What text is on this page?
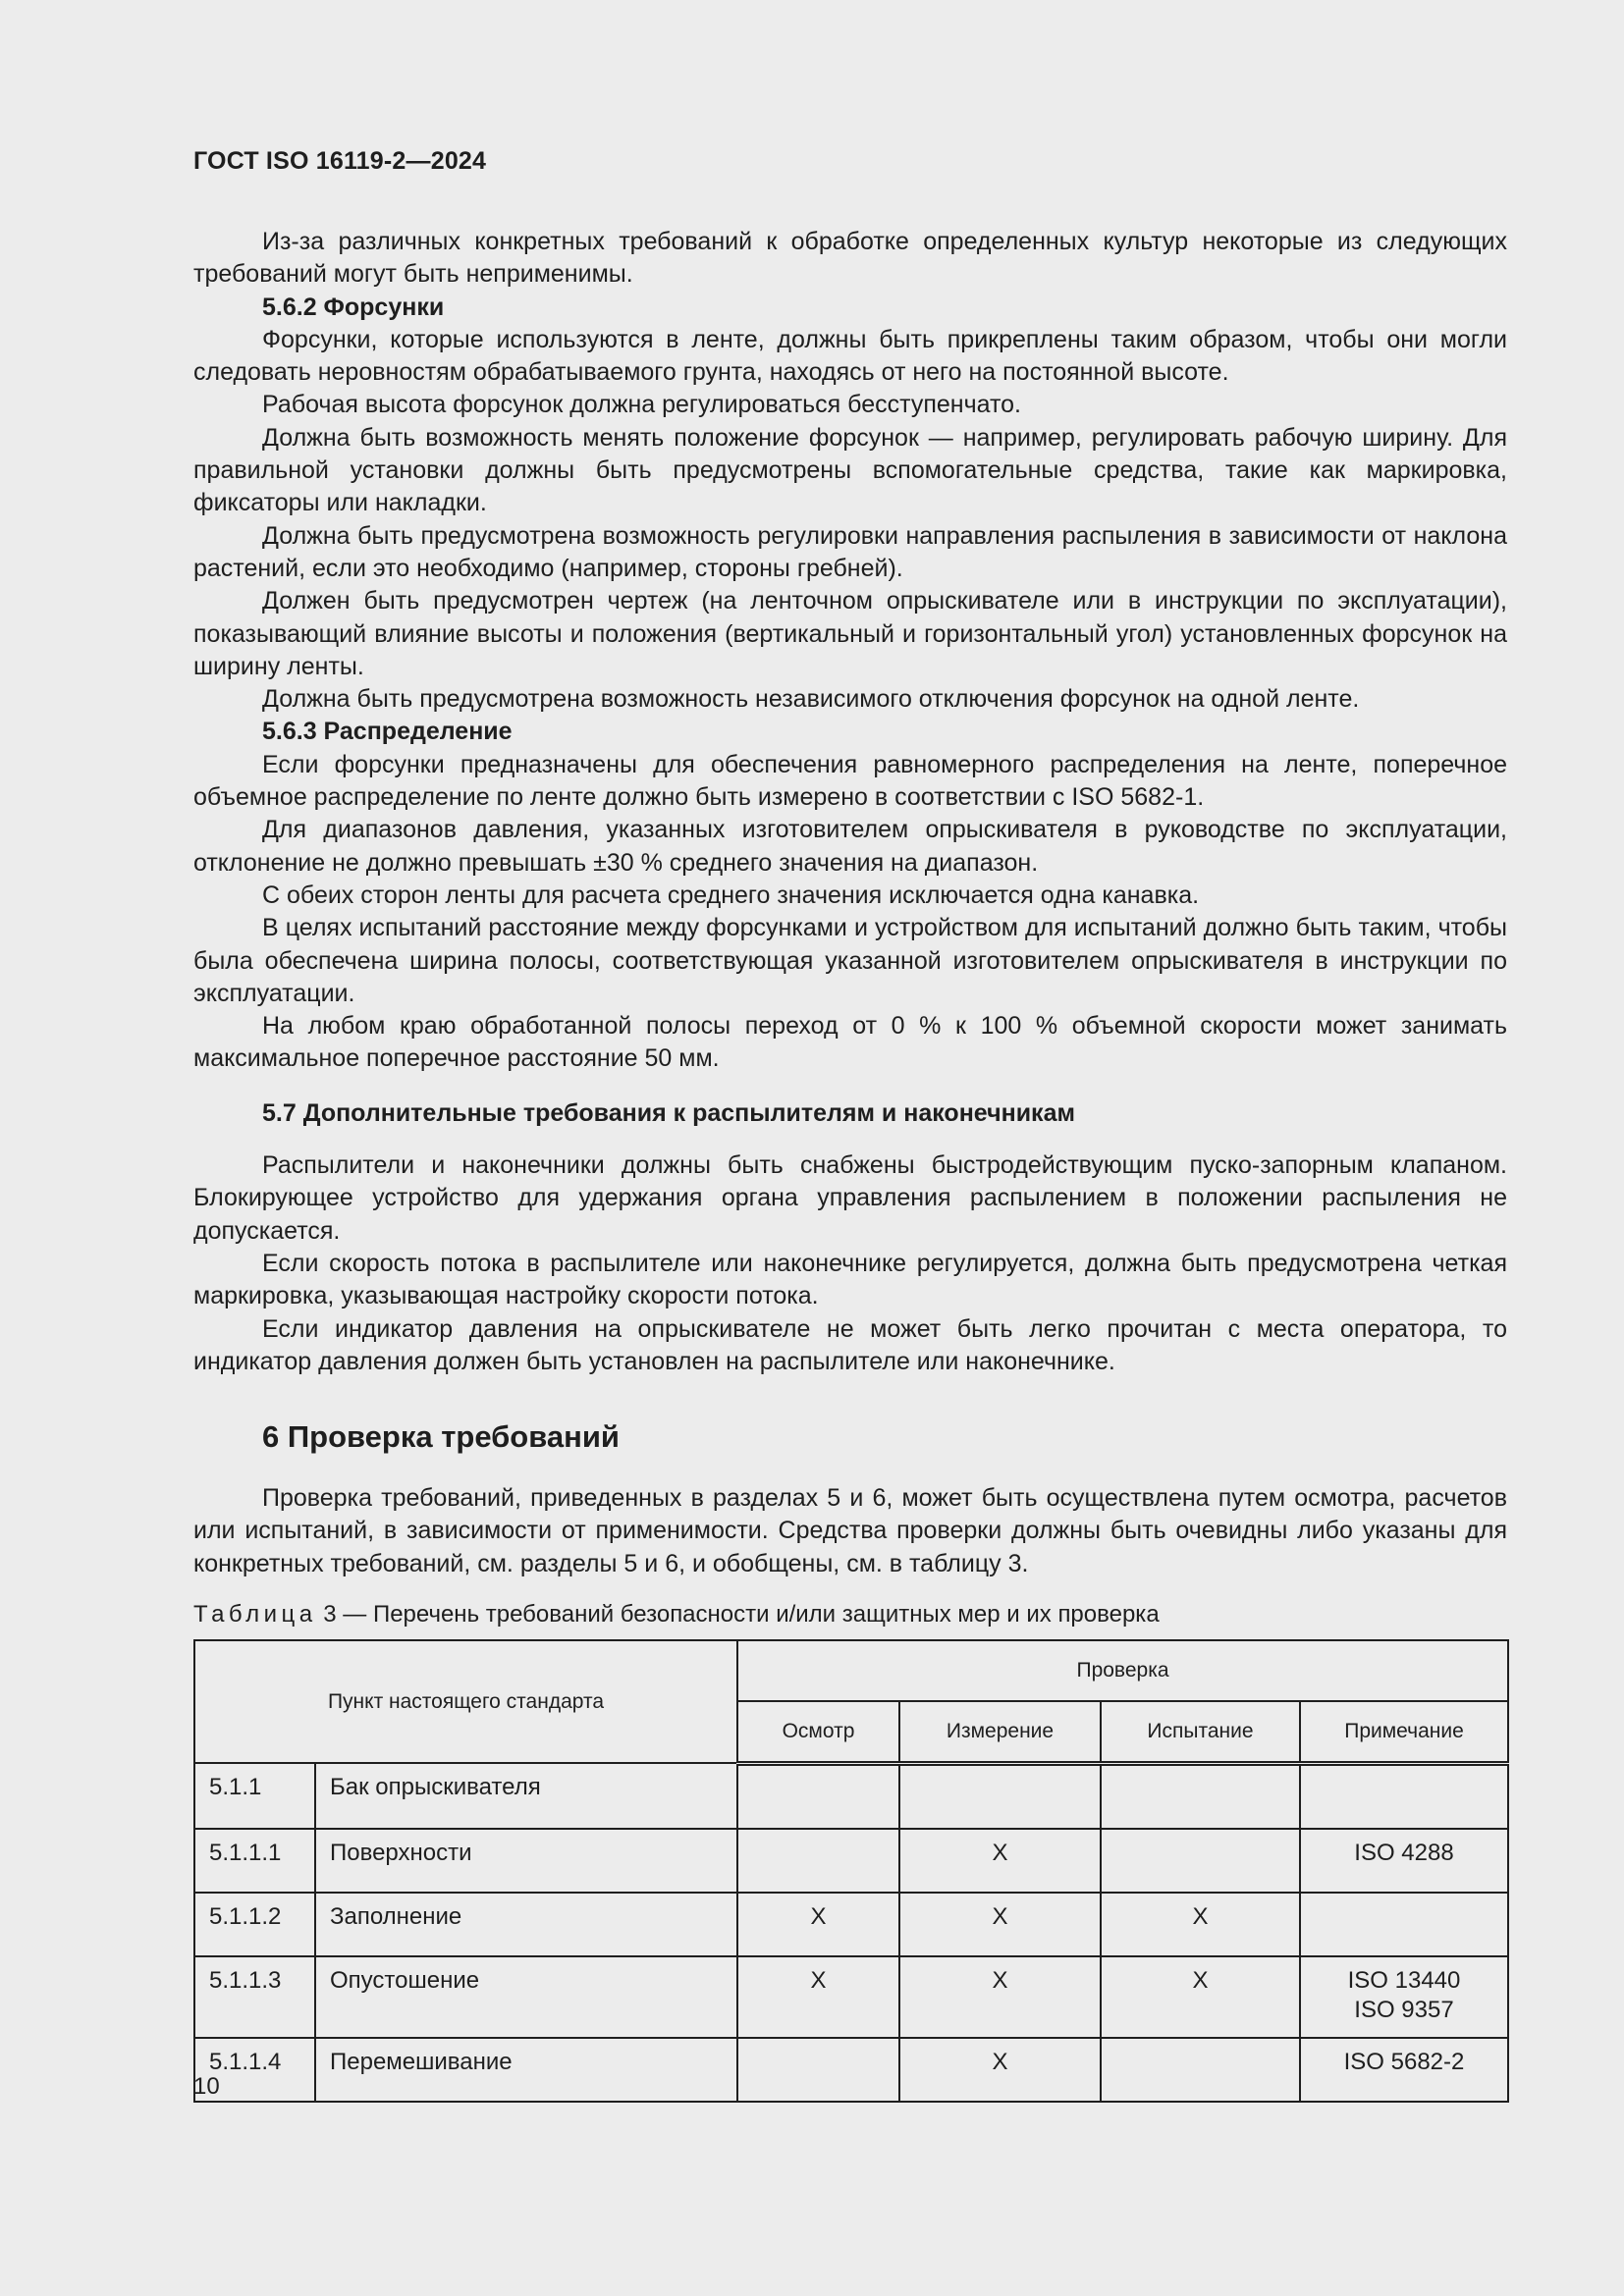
ГОСТ ISO 16119-2—2024

Из-за различных конкретных требований к обработке определенных культур некоторые из следующих требований могут быть неприменимы.

5.6.2 Форсунки

Форсунки, которые используются в ленте, должны быть прикреплены таким образом, чтобы они могли следовать неровностям обрабатываемого грунта, находясь от него на постоянной высоте.

Рабочая высота форсунок должна регулироваться бесступенчато.

Должна быть возможность менять положение форсунок — например, регулировать рабочую ширину. Для правильной установки должны быть предусмотрены вспомогательные средства, такие как маркировка, фиксаторы или накладки.

Должна быть предусмотрена возможность регулировки направления распыления в зависимости от наклона растений, если это необходимо (например, стороны гребней).

Должен быть предусмотрен чертеж (на ленточном опрыскивателе или в инструкции по эксплуатации), показывающий влияние высоты и положения (вертикальный и горизонтальный угол) установленных форсунок на ширину ленты.

Должна быть предусмотрена возможность независимого отключения форсунок на одной ленте.

5.6.3 Распределение

Если форсунки предназначены для обеспечения равномерного распределения на ленте, поперечное объемное распределение по ленте должно быть измерено в соответствии с ISO 5682-1.

Для диапазонов давления, указанных изготовителем опрыскивателя в руководстве по эксплуатации, отклонение не должно превышать ±30 % среднего значения на диапазон.

С обеих сторон ленты для расчета среднего значения исключается одна канавка.

В целях испытаний расстояние между форсунками и устройством для испытаний должно быть таким, чтобы была обеспечена ширина полосы, соответствующая указанной изготовителем опрыскивателя в инструкции по эксплуатации.

На любом краю обработанной полосы переход от 0 % к 100 % объемной скорости может занимать максимальное поперечное расстояние 50 мм.

5.7 Дополнительные требования к распылителям и наконечникам

Распылители и наконечники должны быть снабжены быстродействующим пуско-запорным клапаном. Блокирующее устройство для удержания органа управления распылением в положении распыления не допускается.

Если скорость потока в распылителе или наконечнике регулируется, должна быть предусмотрена четкая маркировка, указывающая настройку скорости потока.

Если индикатор давления на опрыскивателе не может быть легко прочитан с места оператора, то индикатор давления должен быть установлен на распылителе или наконечнике.

6 Проверка требований

Проверка требований, приведенных в разделах 5 и 6, может быть осуществлена путем осмотра, расчетов или испытаний, в зависимости от применимости. Средства проверки должны быть очевидны либо указаны для конкретных требований, см. разделы 5 и 6, и обобщены, см. в таблицу 3.

Таблица 3 — Перечень требований безопасности и/или защитных мер и их проверка

Пункт настоящего стандарта		Проверка			
		Осмотр	Измерение	Испытание	Примечание
5.1.1	Бак опрыскивателя				

5.1.1.1	Поверхности		X		ISO 4288

5.1.1.2	Заполнение	X	X	X	

5.1.1.3	Опустошение	X	X	X	ISO 13440
ISO 9357

5.1.1.4	Перемешивание		X		ISO 5682-2
10
